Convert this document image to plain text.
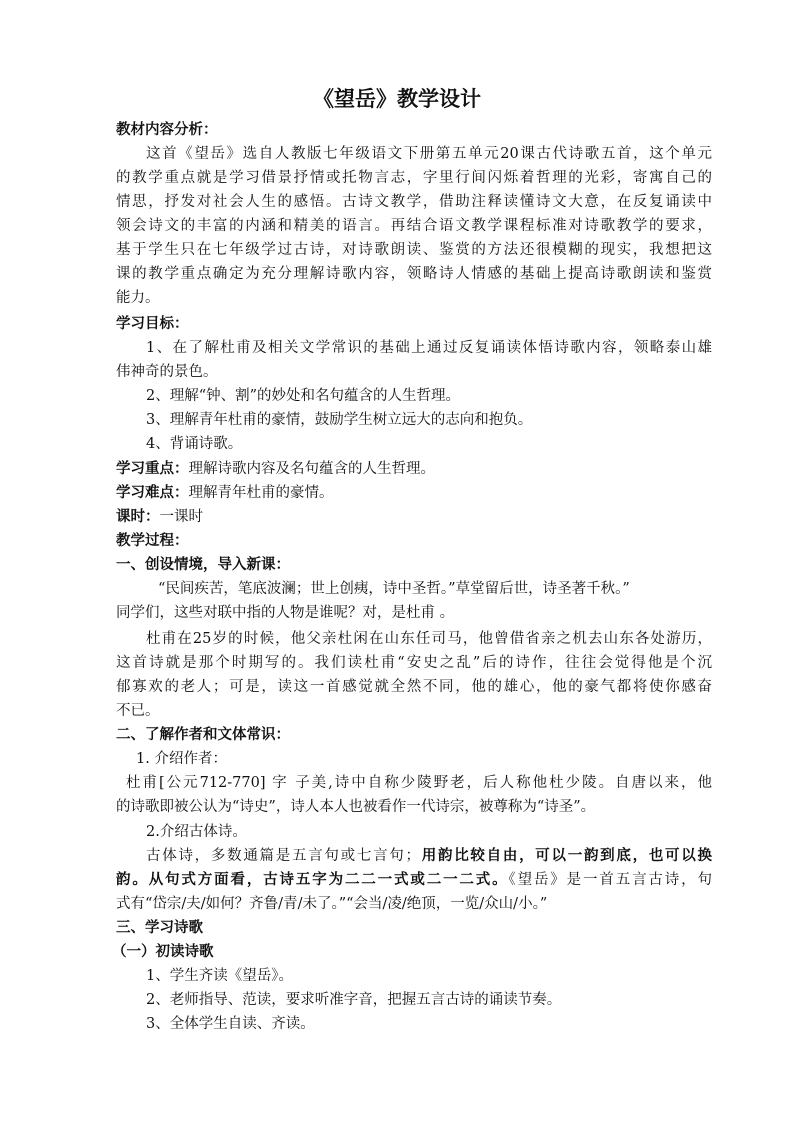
《望岳》教学设计
教材内容分析：
这首《望岳》选自人教版七年级语文下册第五单元20课古代诗歌五首，这个单元
的教学重点就是学习借景抒情或托物言志，字里行间闪烁着哲理的光彩，寄寓自己的
情思，抒发对社会人生的感悟。古诗文教学，借助注释读懂诗文大意，在反复诵读中
领会诗文的丰富的内涵和精美的语言。再结合语文教学课程标准对诗歌教学的要求，
基于学生只在七年级学过古诗，对诗歌朗读、鉴赏的方法还很模糊的现实，我想把这
课的教学重点确定为充分理解诗歌内容，领略诗人情感的基础上提高诗歌朗读和鉴赏
能力。
学习目标：
1、在了解杜甫及相关文学常识的基础上通过反复诵读体悟诗歌内容，领略泰山雄
伟神奇的景色。
2、理解“钟、割”的妙处和名句蕴含的人生哲理。
3、理解青年杜甫的豪情，鼓励学生树立远大的志向和抱负。
4、背诵诗歌。
学习重点：理解诗歌内容及名句蕴含的人生哲理。
学习难点：理解青年杜甫的豪情。
课时：一课时
教学过程：
一、创设情境，导入新课：
“民间疾苦，笔底波澜；世上创痍，诗中圣哲。”草堂留后世，诗圣著千秋。”
同学们，这些对联中指的人物是谁呢？对，是杜甫 。
杜甫在25岁的时候，他父亲杜闲在山东任司马，他曾借省亲之机去山东各处游历，
这首诗就是那个时期写的。我们读杜甫“安史之乱”后的诗作，往往会觉得他是个沉
郁寡欢的老人；可是，读这一首感觉就全然不同，他的雄心，他的豪气都将使你感奋
不已。
二、了解作者和文体常识：
1. 介绍作者：
杜甫[公元712-770] 字 子美,诗中自称少陵野老，后人称他杜少陵。自唐以来，他
的诗歌即被公认为“诗史”，诗人本人也被看作一代诗宗，被尊称为“诗圣”。
2.介绍古体诗。
古体诗，多数通篇是五言句或七言句；用韵比较自由，可以一韵到底，也可以换
韵。从句式方面看，古诗五字为二二一式或二一二式。《望岳》是一首五言古诗，句
式有“岱宗/夫/如何？齐鲁/青/未了。”“会当/凌/绝顶，一览/众山/小。”
三、学习诗歌
（一）初读诗歌
1、学生齐读《望岳》。
2、老师指导、范读，要求听准字音，把握五言古诗的诵读节奏。
3、全体学生自读、齐读。
